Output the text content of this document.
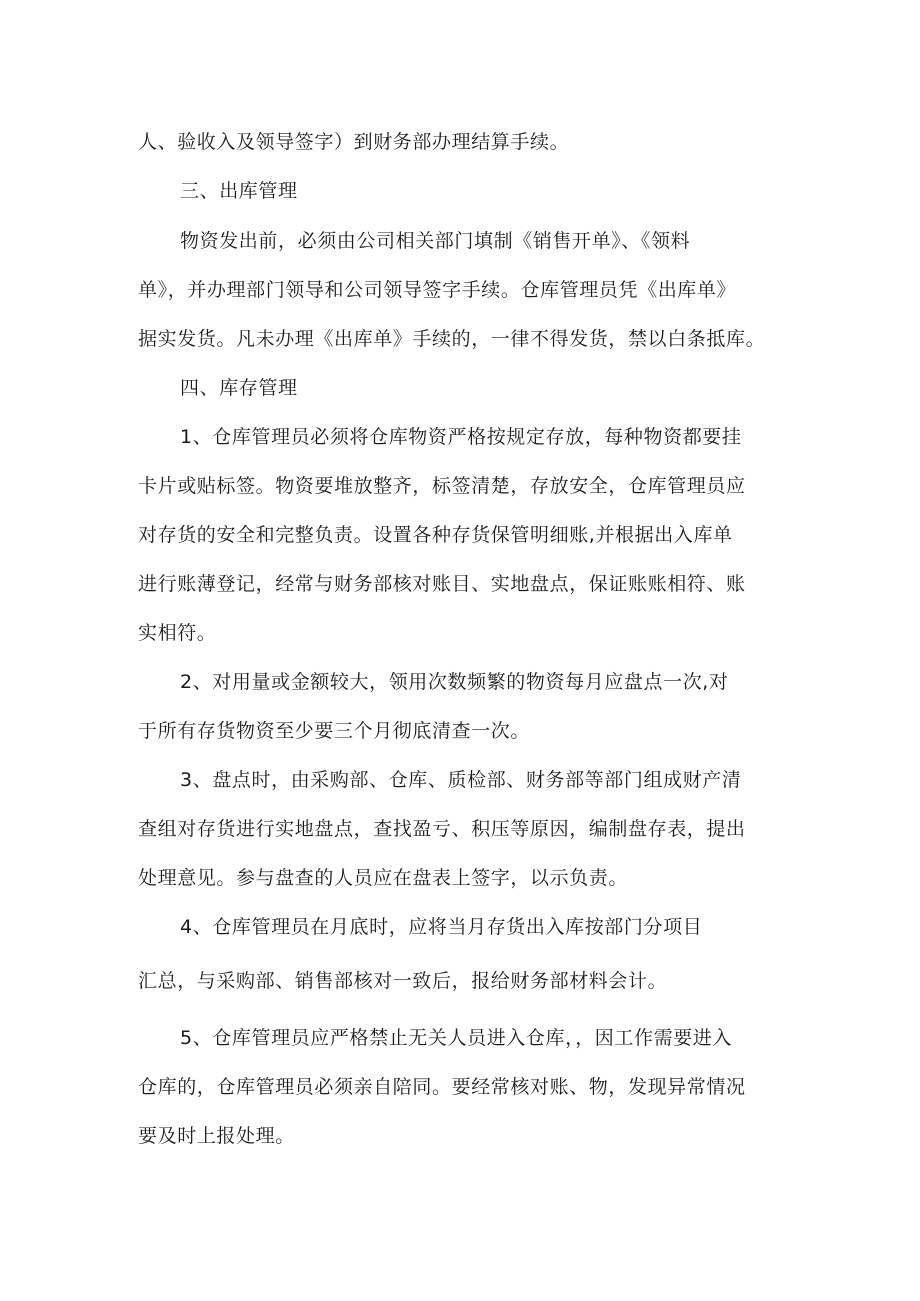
人、验收入及领导签字）到财务部办理结算手续。
三、出库管理
物资发出前，必须由公司相关部门填制《销售开单》、《领料
单》，并办理部门领导和公司领导签字手续。仓库管理员凭《出库单》
据实发货。凡未办理《出库单》手续的，一律不得发货，禁以白条抵库。
四、库存管理
1、仓库管理员必须将仓库物资严格按规定存放，每种物资都要挂
卡片或贴标签。物资要堆放整齐，标签清楚，存放安全，仓库管理员应
对存货的安全和完整负责。设置各种存货保管明细账,并根据出入库单
进行账薄登记，经常与财务部核对账目、实地盘点，保证账账相符、账
实相符。
2、对用量或金额较大，领用次数频繁的物资每月应盘点一次,对
于所有存货物资至少要三个月彻底清查一次。
3、盘点时，由采购部、仓库、质检部、财务部等部门组成财产清
查组对存货进行实地盘点，查找盈亏、积压等原因，编制盘存表，提出
处理意见。参与盘查的人员应在盘表上签字，以示负责。
4、仓库管理员在月底时，应将当月存货出入库按部门分项目
汇总，与采购部、销售部核对一致后，报给财务部材料会计。
5、仓库管理员应严格禁止无关人员进入仓库，，因工作需要进入
仓库的，仓库管理员必须亲自陪同。要经常核对账、物，发现异常情况
要及时上报处理。
